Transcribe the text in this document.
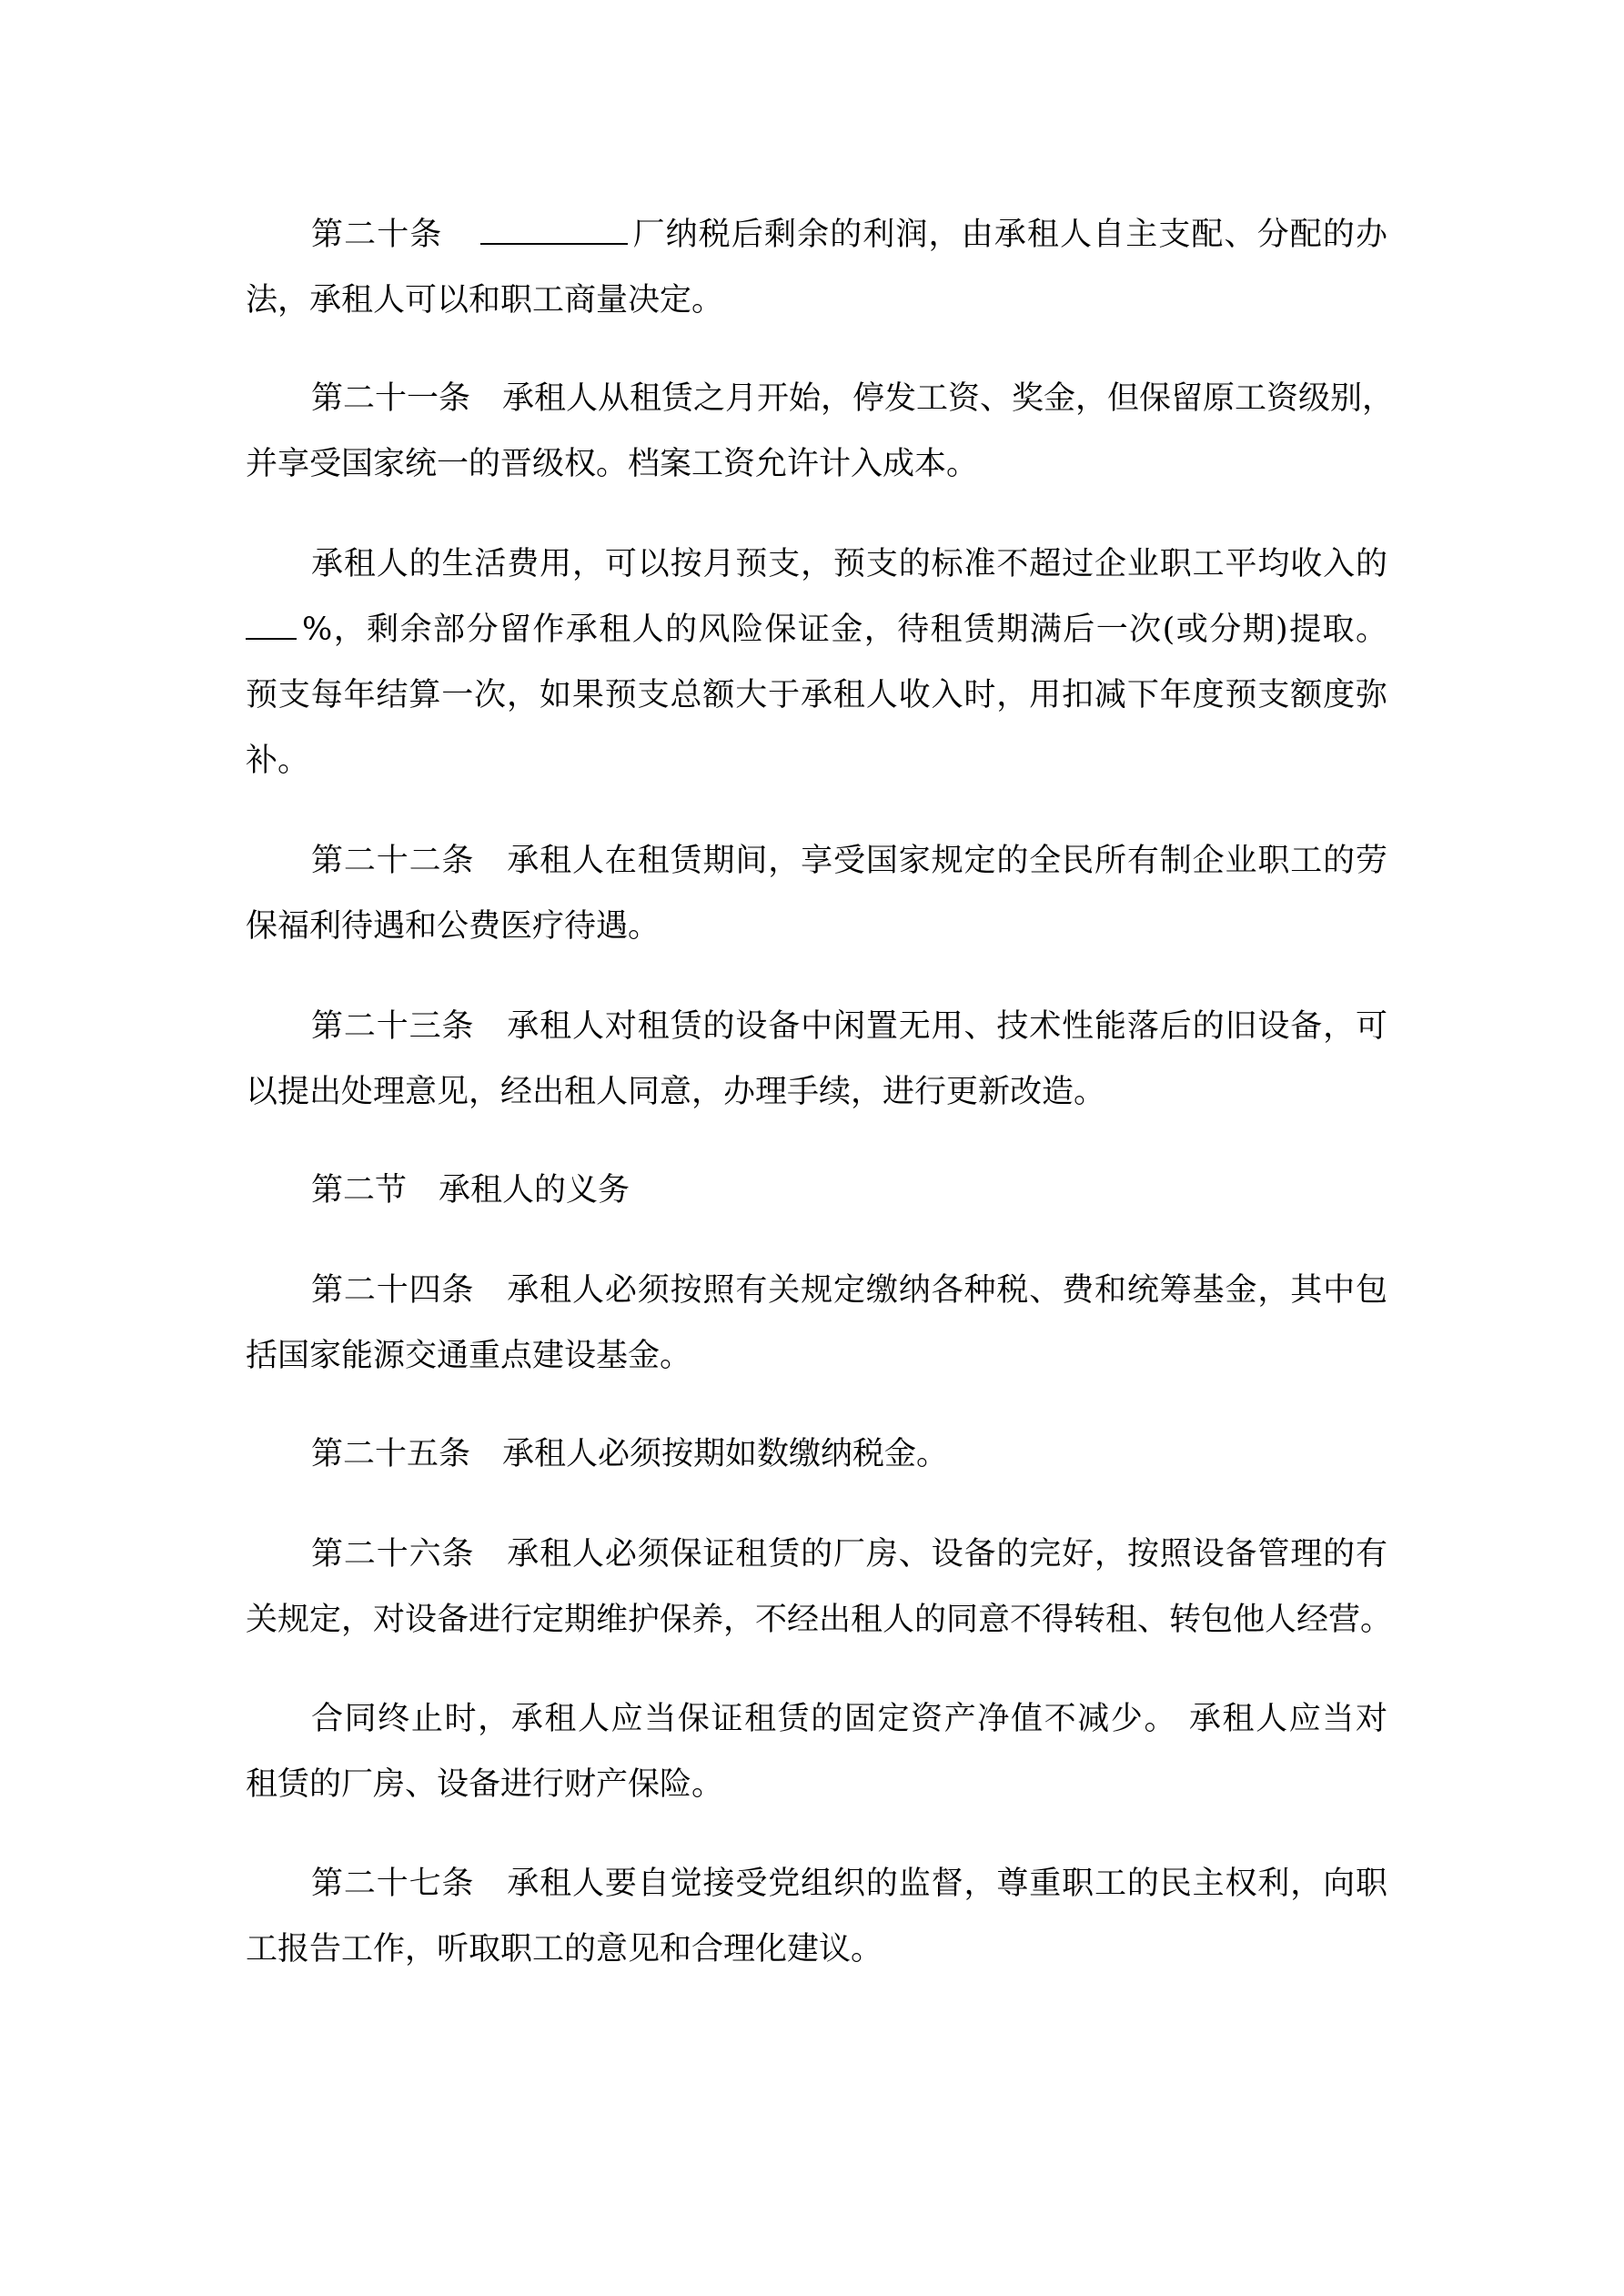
第二十条	厂纳税后剩余的利润，由承租人自主支配、分配的办
法，承租人可以和职工商量决定。

第二十一条　承租人从租赁之月开始，停发工资、奖金，但保留原工资级别，
并享受国家统一的晋级权。档案工资允许计入成本。

承租人的生活费用，可以按月预支，预支的标准不超过企业职工平均收入的
%，剩余部分留作承租人的风险保证金，待租赁期满后一次(或分期)提取。
预支每年结算一次，如果预支总额大于承租人收入时，用扣减下年度预支额度弥
补。

第二十二条　承租人在租赁期间，享受国家规定的全民所有制企业职工的劳
保福利待遇和公费医疗待遇。

第二十三条　承租人对租赁的设备中闲置无用、技术性能落后的旧设备，可
以提出处理意见，经出租人同意，办理手续，进行更新改造。

第二节　承租人的义务

第二十四条　承租人必须按照有关规定缴纳各种税、费和统筹基金，其中包
括国家能源交通重点建设基金。

第二十五条　承租人必须按期如数缴纳税金。

第二十六条　承租人必须保证租赁的厂房、设备的完好，按照设备管理的有
关规定，对设备进行定期维护保养，不经出租人的同意不得转租、转包他人经营。

合同终止时，承租人应当保证租赁的固定资产净值不减少。 承租人应当对
租赁的厂房、设备进行财产保险。

第二十七条　承租人要自觉接受党组织的监督，尊重职工的民主权利，向职
工报告工作，听取职工的意见和合理化建议。
